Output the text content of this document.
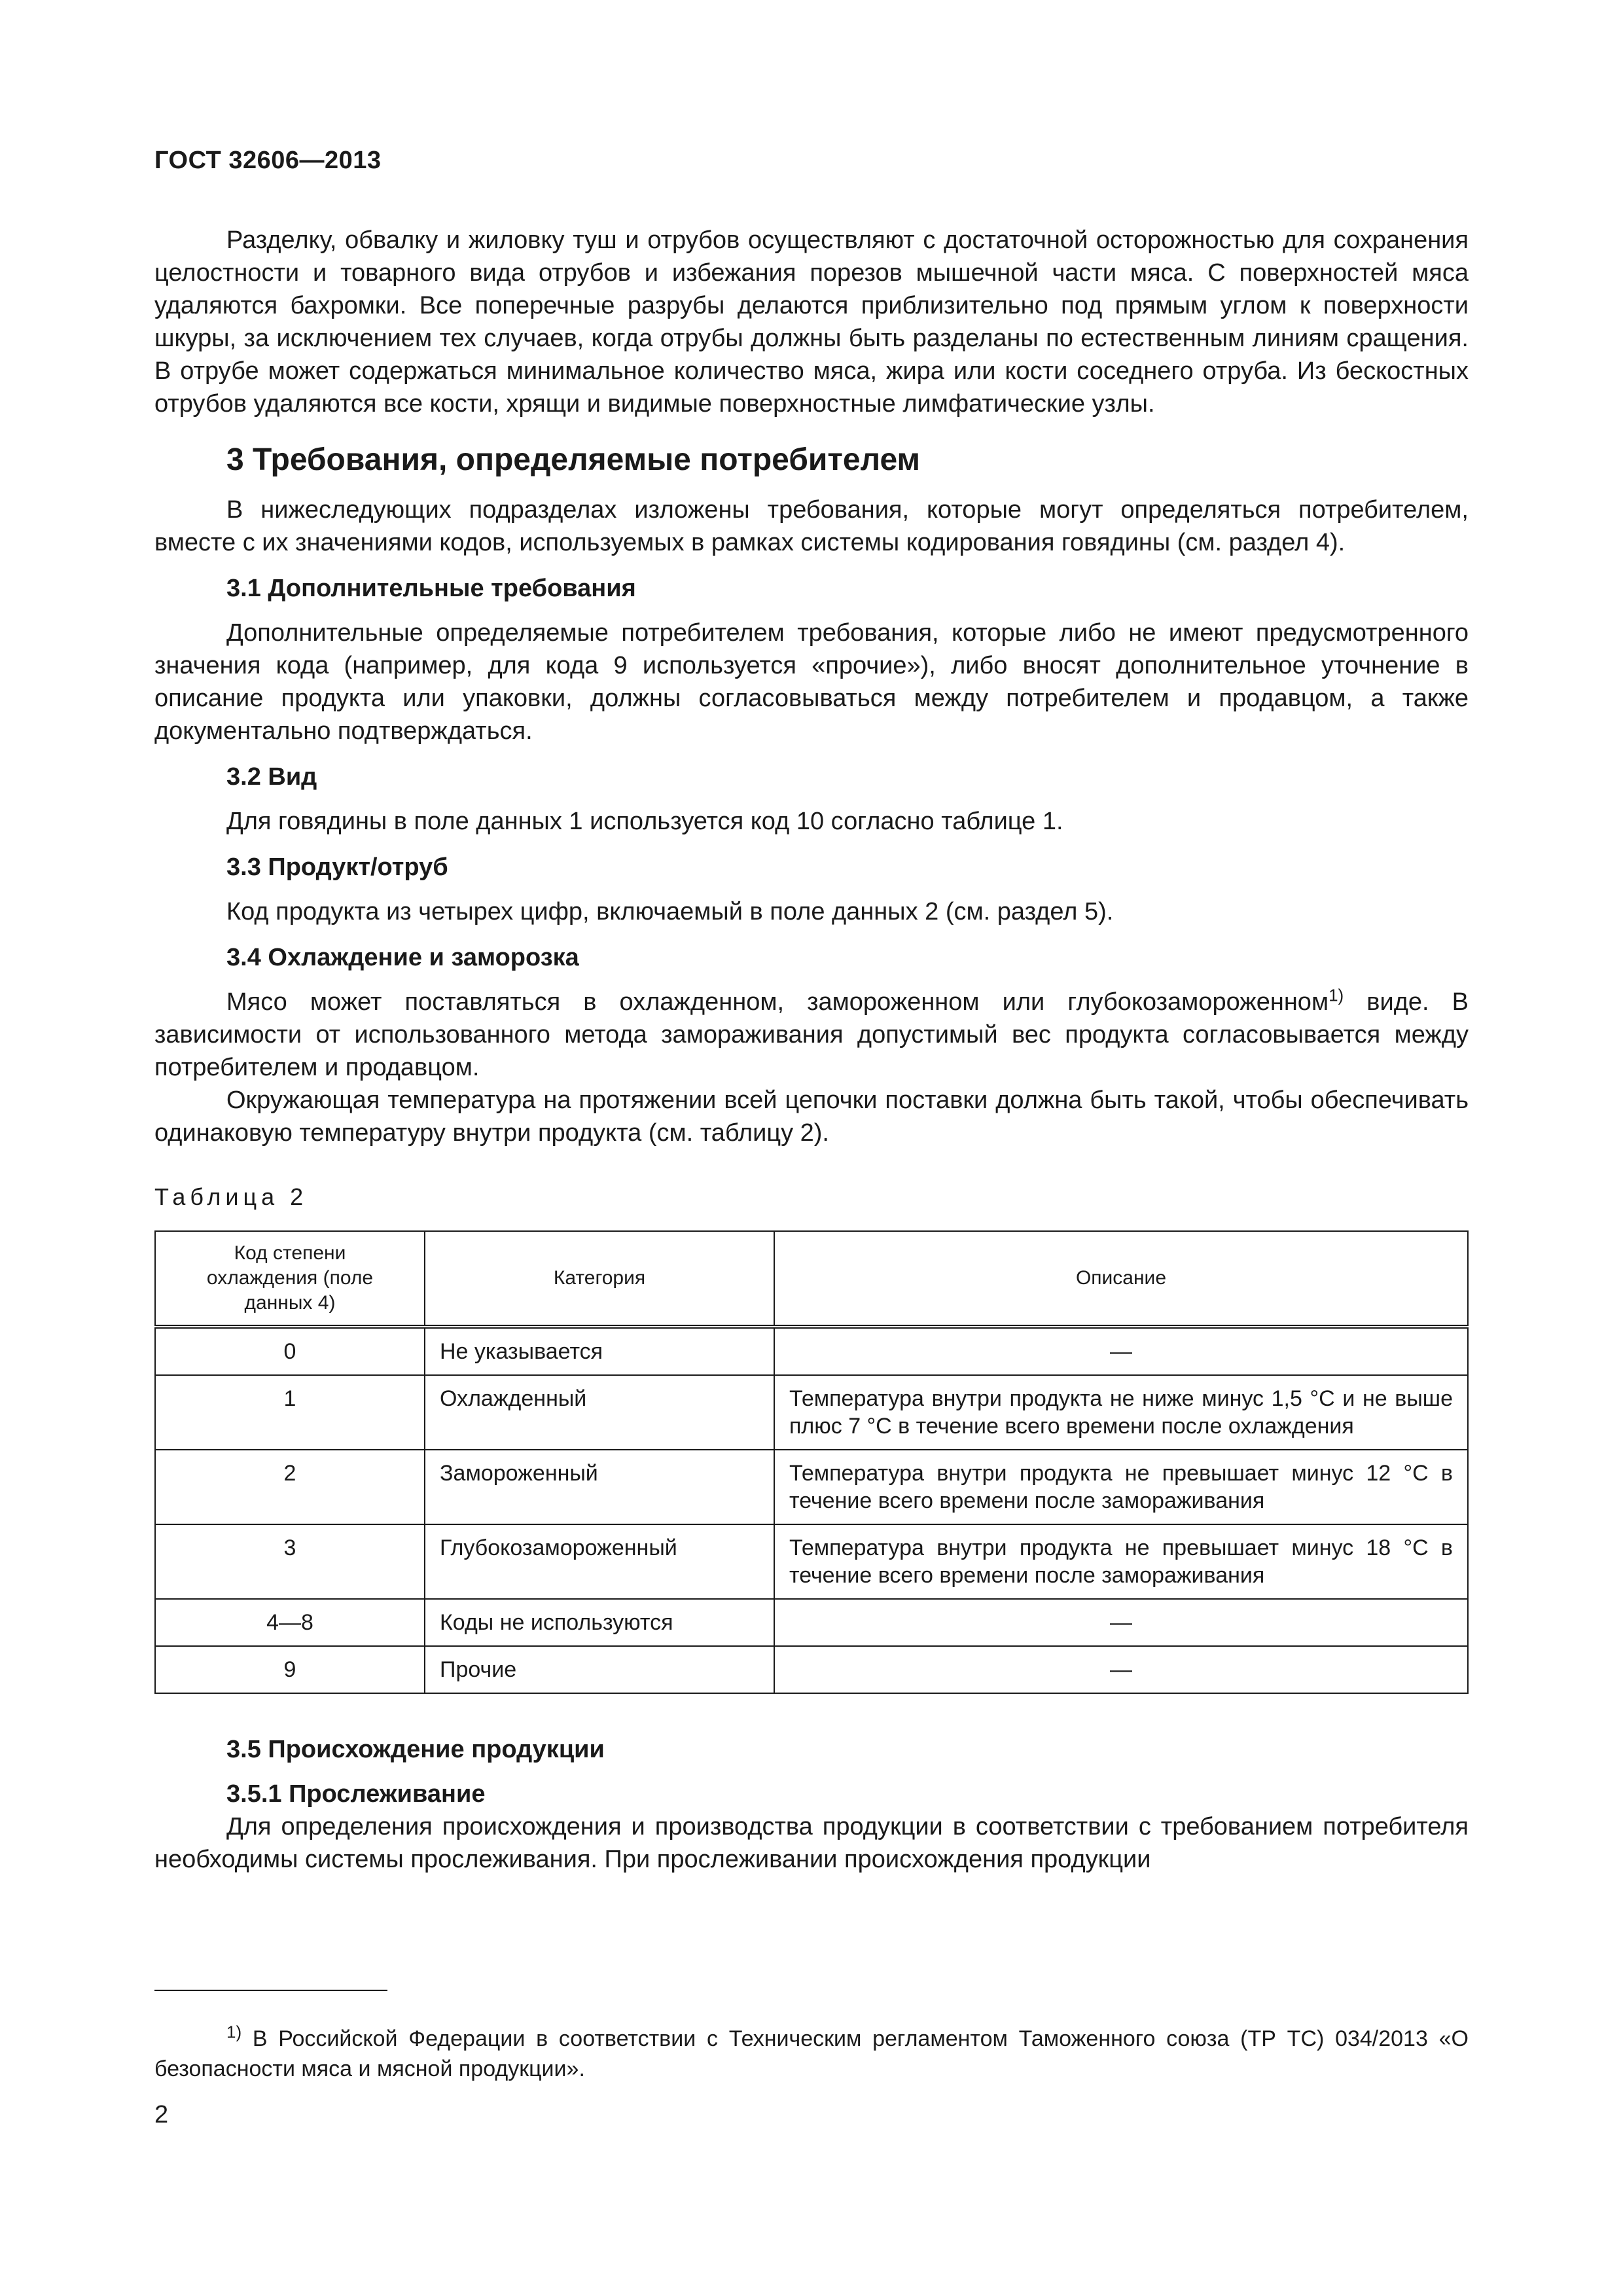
ГОСТ 32606—2013

Разделку, обвалку и жиловку туш и отрубов осуществляют с достаточной осторожностью для сохранения целостности и товарного вида отрубов и избежания порезов мышечной части мяса. С поверхностей мяса удаляются бахромки. Все поперечные разрубы делаются приблизительно под прямым углом к поверхности шкуры, за исключением тех случаев, когда отрубы должны быть разделаны по естественным линиям сращения. В отрубе может содержаться минимальное количество мяса, жира или кости соседнего отруба. Из бескостных отрубов удаляются все кости, хрящи и видимые поверхностные лимфатические узлы.

3 Требования, определяемые потребителем

В нижеследующих подразделах изложены требования, которые могут определяться потребителем, вместе с их значениями кодов, используемых в рамках системы кодирования говядины (см. раздел 4).

3.1 Дополнительные требования

Дополнительные определяемые потребителем требования, которые либо не имеют предусмотренного значения кода (например, для кода 9 используется «прочие»), либо вносят дополнительное уточнение в описание продукта или упаковки, должны согласовываться между потребителем и продавцом, а также документально подтверждаться.

3.2 Вид

Для говядины в поле данных 1 используется код 10 согласно таблице 1.

3.3 Продукт/отруб

Код продукта из четырех цифр, включаемый в поле данных 2 (см. раздел 5).

3.4 Охлаждение и заморозка

Мясо может поставляться в охлажденном, замороженном или глубокозамороженном$^{1)}$ виде. В зависимости от использованного метода замораживания допустимый вес продукта согласовывается между потребителем и продавцом.

Окружающая температура на протяжении всей цепочки поставки должна быть такой, чтобы обеспечивать одинаковую температуру внутри продукта (см. таблицу 2).

Таблица 2
Код степени охлаждения (поле данных 4)	Категория	Описание
0	Не указывается	—
1	Охлажденный	Температура внутри продукта не ниже минус 1,5 °С и не выше плюс 7 °С в течение всего времени после охлаждения
2	Замороженный	Температура внутри продукта не превышает минус 12 °С в течение всего времени после замораживания
3	Глубокозамороженный	Температура внутри продукта не превышает минус 18 °С в течение всего времени после замораживания
4—8	Коды не используются	—
9	Прочие	—
3.5 Происхождение продукции
3.5.1 Прослеживание

Для определения происхождения и производства продукции в соответствии с требованием потребителя необходимы системы прослеживания. При прослеживании происхождения продукции

$^{1)}$ В Российской Федерации в соответствии с Техническим регламентом Таможенного союза (ТР ТС) 034/2013 «О безопасности мяса и мясной продукции».

2
